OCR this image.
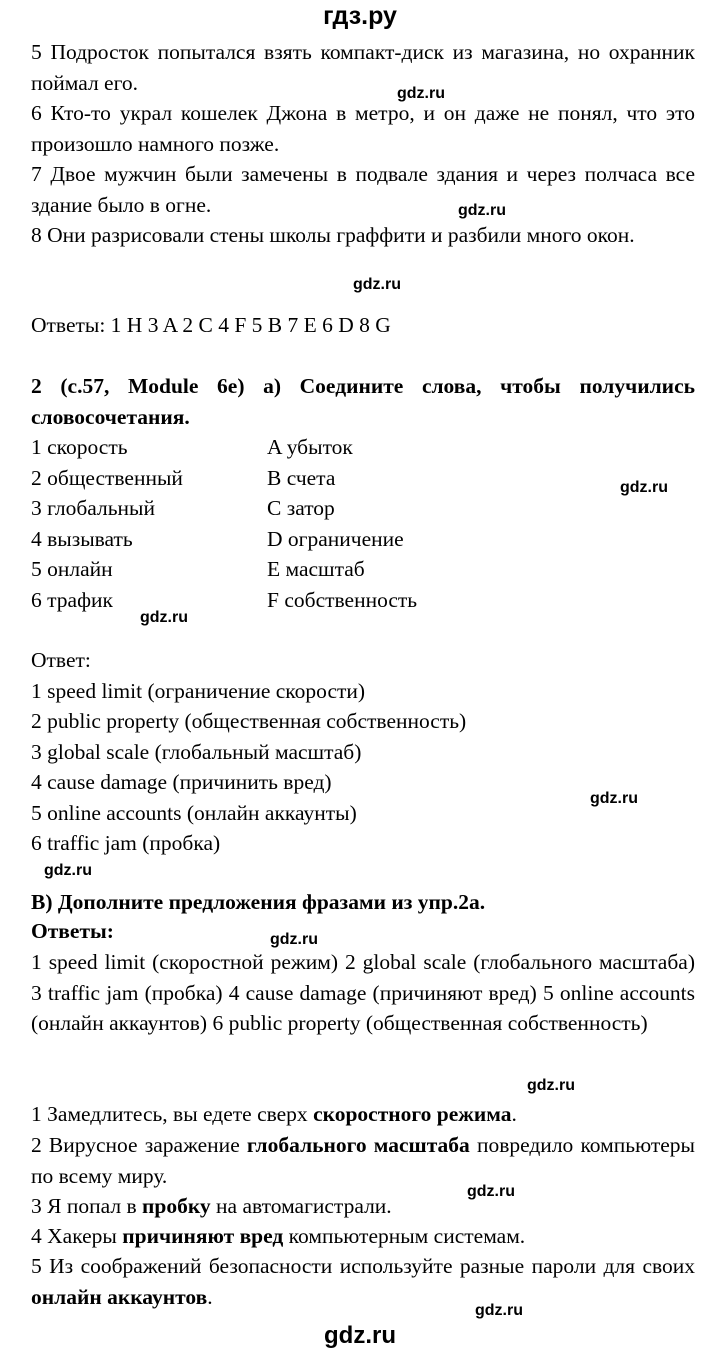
гдз.ру
5 Подросток попытался взять компакт-диск из магазина, но охранник поймал его.
6 Кто-то украл кошелек Джона в метро, и он даже не понял, что это произошло намного позже.
7 Двое мужчин были замечены в подвале здания и через полчаса все здание было в огне.
8 Они разрисовали стены школы граффити и разбили много окон.
Ответы: 1 H 3 A 2 C 4 F 5 B 7 E 6 D 8 G
2 (с.57, Module 6e) a) Соедините слова, чтобы получились словосочетания.
1 скорость	A убыток
2 общественный	B счета
3 глобальный	C затор
4 вызывать	D ограничение
5 онлайн	E масштаб
6 трафик	F собственность
Ответ:
1 speed limit (ограничение скорости)
2 public property (общественная собственность)
3 global scale (глобальный масштаб)
4 cause damage (причинить вред)
5 online accounts (онлайн аккаунты)
6 traffic jam (пробка)
B) Дополните предложения фразами из упр.2а.
Ответы:
1 speed limit (скоростной режим) 2 global scale (глобального масштаба) 3 traffic jam (пробка) 4 cause damage (причиняют вред) 5 online accounts (онлайн аккаунтов) 6 public property (общественная собственность)
1 Замедлитесь, вы едете сверх скоростного режима.
2 Вирусное заражение глобального масштаба повредило компьютеры по всему миру.
3 Я попал в пробку на автомагистрали.
4 Хакеры причиняют вред компьютерным системам.
5 Из соображений безопасности используйте разные пароли для своих онлайн аккаунтов.
gdz.ru
gdz.ru
gdz.ru
gdz.ru
gdz.ru
gdz.ru
gdz.ru
gdz.ru
gdz.ru
gdz.ru
gdz.ru
gdz.ru
